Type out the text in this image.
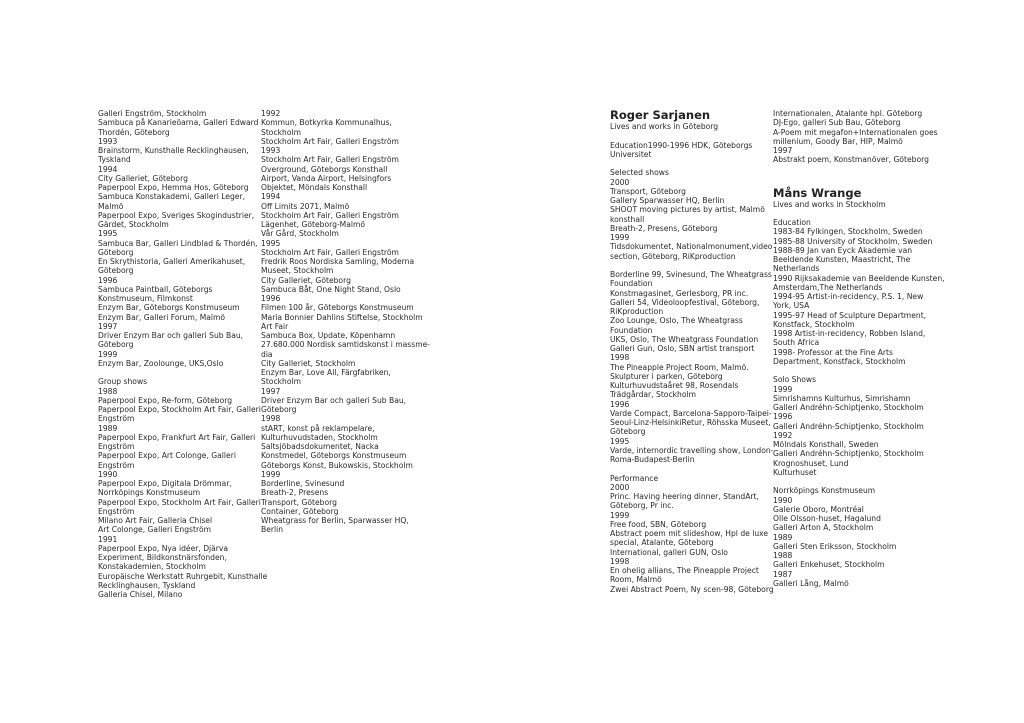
Galleri Engström, Stockholm
Sambuca på Kanarieöarna, Galleri Edward
Thordén, Göteborg
1993
Brainstorm, Kunsthalle Recklinghausen,
Tyskland
1994
City Galleriet, Göteborg
Paperpool Expo, Hemma Hos, Göteborg
Sambuca Konstakademi, Galleri Leger,
Malmö
Paperpool Expo, Sveriges Skogindustrier,
Gärdet, Stockholm
1995
Sambuca Bar, Galleri Lindblad & Thordén,
Göteborg
En Skrythistoria, Galleri Amerikahuset,
Göteborg
1996
Sambuca Paintball, Göteborgs
Konstmuseum, Filmkonst
Enzym Bar, Göteborgs Konstmuseum
Enzym Bar, Galleri Forum, Malmö
1997
Driver Enzym Bar och galleri Sub Bau,
Göteborg
1999
Enzym Bar, Zoolounge, UKS,Oslo
Group shows
1988
Paperpool Expo, Re-form, Göteborg
Paperpool Expo, Stockholm Art Fair, Galleri
Engström
1989
Paperpool Expo, Frankfurt Art Fair, Galleri
Engström
Paperpool Expo, Art Colonge, Galleri
Engström
1990
Paperpool Expo, Digitala Drömmar,
Norrköpings Konstmuseum
Paperpool Expo, Stockholm Art Fair, Galleri
Engström
Milano Art Fair, Galleria Chisel
Art Colonge, Galleri Engström
1991
Paperpool Expo, Nya idéer, Djärva
Experiment, Bildkonstnärsfonden,
Konstakademien, Stockholm
Europäische Werkstatt Ruhrgebit, Kunsthalle
Recklinghausen, Tyskland
Galleria Chisel, Milano
1992
Kommun, Botkyrka Kommunalhus,
Stockholm
Stockholm Art Fair, Galleri Engström
1993
Stockholm Art Fair, Galleri Engström
Overground, Göteborgs Konsthall
Airport, Vanda Airport, Helsingfors
Objektet, Möndals Konsthall
1994
Off Limits 2071, Malmö
Stockholm Art Fair, Galleri Engström
Lägenhet, Göteborg-Malmö
Vår Gård, Stockholm
1995
Stockholm Art Fair, Galleri Engström
Fredrik Roos Nordiska Samling, Moderna
Museet, Stockholm
City Galleriet, Göteborg
Sambuca Båt, One Night Stand, Oslo
1996
Filmen 100 år, Göteborgs Konstmuseum
Maria Bonnier Dahlins Stiftelse, Stockholm
Art Fair
Sambuca Box, Update, Köpenhamn
27.680.000 Nordisk samtidskonst i massme-
dia
City Galleriet, Stockholm
Enzym Bar, Love All, Färgfabriken,
Stockholm
1997
Driver Enzym Bar och galleri Sub Bau,
Göteborg
1998
stART, konst på reklampelare,
Kulturhuvudstaden, Stockholm
Saltsjöbadsdokumentet, Nacka
Konstmedel, Göteborgs Konstmuseum
Göteborgs Konst, Bukowskis, Stockholm
1999
Borderline, Svinesund
Breath-2, Presens
Transport, Göteborg
Container, Göteborg
Wheatgrass for Berlin, Sparwasser HQ,
Berlin
Roger Sarjanen
Lives and works in Göteborg
Education1990-1996 HDK, Göteborgs
Universitet
Selected shows
2000
Transport, Göteborg
Gallery Sparwasser HQ, Berlin
SHOOT moving pictures by artist, Malmö
konsthall
Breath-2, Presens, Göteborg
1999
Tidsdokumentet, Nationalmonument,video
section, Göteborg, RiKproduction
Borderline 99, Svinesund, The Wheatgrass
Foundation
Konstmagasinet, Gerlesborg, PR inc.
Galleri 54, Videoloopfestival, Göteborg,
RiKproduction
Zoo Lounge, Oslo, The Wheatgrass
Foundation
UKS, Oslo, The Wheatgrass Foundation
Galleri Gun, Oslo, SBN artist transport
1998
The Pineapple Project Room, Malmö.
Skulpturer i parken, Göteborg
Kulturhuvudstaåret 98, Rosendals
Trädgårdar, Stockholm
1996
Varde Compact, Barcelona-Sapporo-Taipei-
Seoul-Linz-HelsinkiRetur, Röhsska Museet,
Göteborg
1995
Varde, internordic travelling show, London-
Roma-Budapest-Berlin
Performance
2000
Princ. Having heering dinner, StandArt,
Göteborg, Pr inc.
1999
Free food, SBN, Göteborg
Abstract poem mit slideshow, Hpl de luxe
special, Atalante, Göteborg
International, galleri GUN, Oslo
1998
En ohelig allians, The Pineapple Project
Room, Malmö
Zwei Abstract Poem, Ny scen-98, Göteborg
Internationalen, Atalante hpl. Göteborg
DJ-Ego, galleri Sub Bau, Göteborg
A-Poem mit megafon+Internationalen goes
millenium, Goody Bar, HIP, Malmö
1997
Abstrakt poem, Konstmanöver, Göteborg
Måns Wrange
Lives and works in Stockholm
Education
1983-84 Fylkingen, Stockholm, Sweden
1985-88 University of Stockholm, Sweden
1988-89 Jan van Eyck Akademie van
Beeldende Kunsten, Maastricht, The
Netherlands
1990 Rijksakademie van Beeldende Kunsten,
Amsterdam,The Netherlands
1994-95 Artist-in-recidency, P.S. 1, New
York, USA
1995-97 Head of Sculpture Department,
Konstfack, Stockholm
1998 Artist-in-recidency, Robben Island,
South Africa
1998- Professor at the Fine Arts
Department, Konstfack, Stockholm
Solo Shows
1999
Simrishamns Kulturhus, Simrishamn
Galleri Andréhn-Schiptjenko, Stockholm
1996
Galleri Andréhn-Schiptjenko, Stockholm
1992
Mölndals Konsthall, Sweden
Galleri Andréhn-Schiptjenko, Stockholm
Krognoshuset, Lund
Kulturhuset
Norrköpings Konstmuseum
1990
Galerie Oboro, Montréal
Olle Olsson-huset, Hagalund
Galleri Arton A, Stockholm
1989
Galleri Sten Eriksson, Stockholm
1988
Galleri Enkehuset, Stockholm
1987
Galleri Lång, Malmö
